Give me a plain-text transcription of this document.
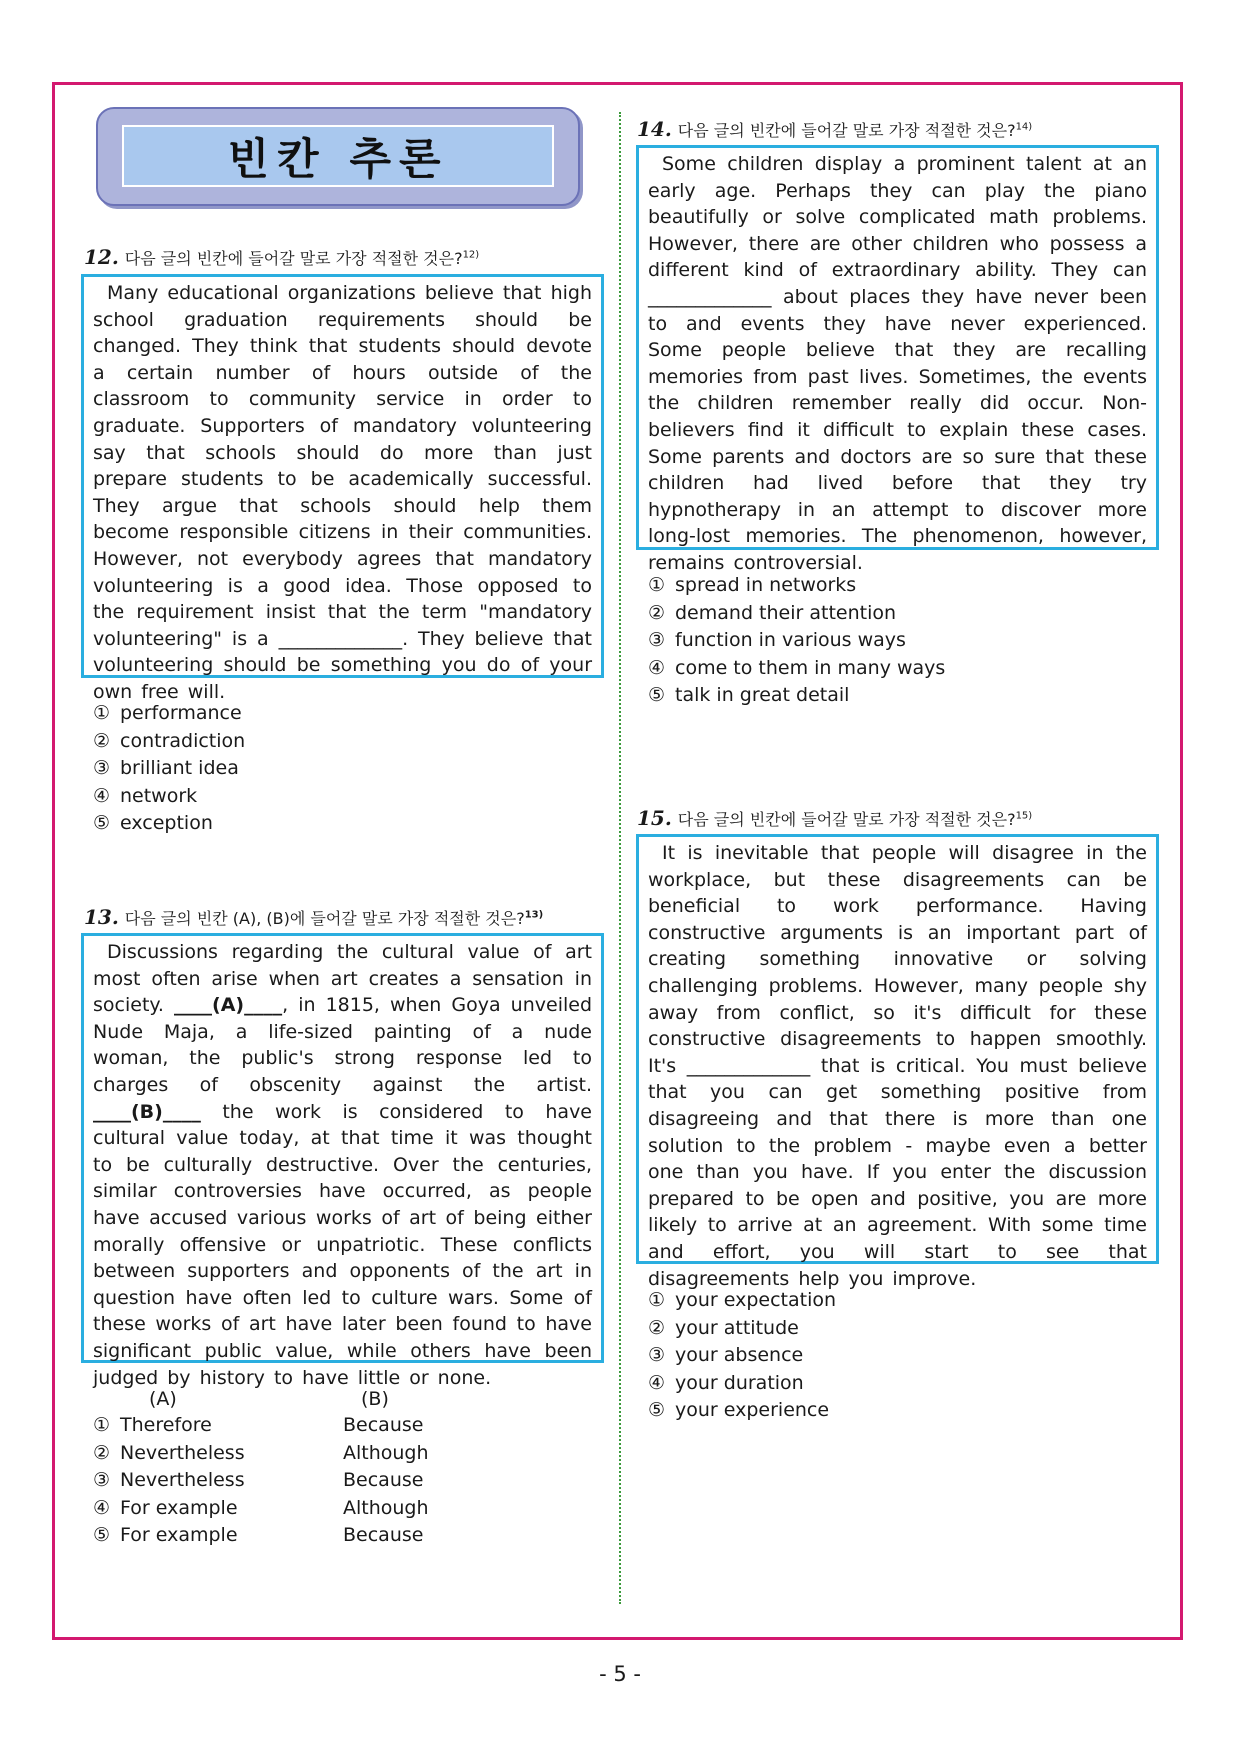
빈칸 추론
12. 다음 글의 빈칸에 들어갈 말로 가장 적절한 것은?$^{12)}$

Many educational organizations believe that high school graduation requirements should be changed. They think that students should devote a certain number of hours outside of the classroom to community service in order to graduate. Supporters of mandatory volunteering say that schools should do more than just prepare students to be academically successful. They argue that schools should help them become responsible citizens in their communities. However, not everybody agrees that mandatory volunteering is a good idea. Those opposed to the requirement insist that the term "mandatory volunteering" is a _____________. They believe that volunteering should be something you do of your own free will.

① performance
② contradiction
③ brilliant idea
④ network
⑤ exception
13. 다음 글의 빈칸 (A), (B)에 들어갈 말로 가장 적절한 것은?$^{13)}$

Discussions regarding the cultural value of art most often arise when art creates a sensation in society. ____(A)____, in 1815, when Goya unveiled Nude Maja, a life-sized painting of a nude woman, the public's strong response led to charges of obscenity against the artist. ____(B)____ the work is considered to have cultural value today, at that time it was thought to be culturally destructive. Over the centuries, similar controversies have occurred, as people have accused various works of art of being either morally offensive or unpatriotic. These conflicts between supporters and opponents of the art in question have often led to culture wars. Some of these works of art have later been found to have significant public value, while others have been judged by history to have little or none.

(A)	(B)
① Therefore	Because
② Nevertheless	Although
③ Nevertheless	Because
④ For example	Although
⑤ For example	Because
14. 다음 글의 빈칸에 들어갈 말로 가장 적절한 것은?$^{14)}$

Some children display a prominent talent at an early age. Perhaps they can play the piano beautifully or solve complicated math problems. However, there are other children who possess a different kind of extraordinary ability. They can _____________ about places they have never been to and events they have never experienced. Some people believe that they are recalling memories from past lives. Sometimes, the events the children remember really did occur. Non-believers find it difficult to explain these cases. Some parents and doctors are so sure that these children had lived before that they try hypnotherapy in an attempt to discover more long-lost memories. The phenomenon, however, remains controversial.

① spread in networks
② demand their attention
③ function in various ways
④ come to them in many ways
⑤ talk in great detail
15. 다음 글의 빈칸에 들어갈 말로 가장 적절한 것은?$^{15)}$

It is inevitable that people will disagree in the workplace, but these disagreements can be beneficial to work performance. Having constructive arguments is an important part of creating something innovative or solving challenging problems. However, many people shy away from conflict, so it's difficult for these constructive disagreements to happen smoothly. It's _____________ that is critical. You must believe that you can get something positive from disagreeing and that there is more than one solution to the problem - maybe even a better one than you have. If you enter the discussion prepared to be open and positive, you are more likely to arrive at an agreement. With some time and effort, you will start to see that disagreements help you improve.

① your expectation
② your attitude
③ your absence
④ your duration
⑤ your experience
- 5 -
